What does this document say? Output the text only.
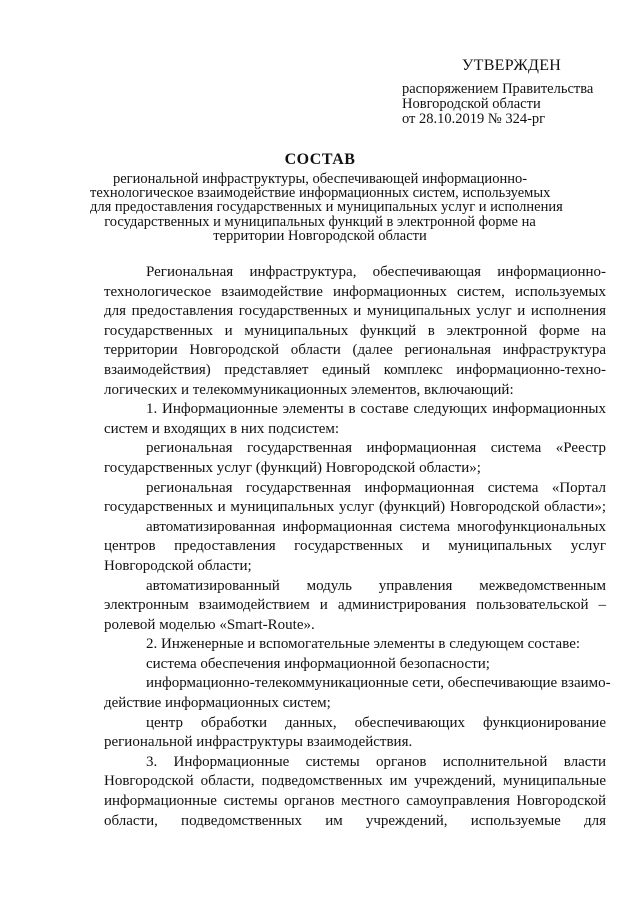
УТВЕРЖДЕН
распоряжением Правительства
Новгородской области
от 28.10.2019 № 324-рг
СОСТАВ
региональной инфраструктуры, обеспечивающей информационно-
технологическое взаимодействие информационных систем, используемых
для предоставления государственных и муниципальных услуг и исполнения
государственных и муниципальных функций в электронной форме на
территории Новгородской области
Региональная инфраструктура, обеспечивающая информационно-
технологическое взаимодействие информационных систем, используемых
для предоставления государственных и муниципальных услуг и исполнения
государственных и муниципальных функций в электронной форме на
территории Новгородской области (далее региональная инфраструктура
взаимодействия) представляет единый комплекс информационно-техно-
логических и телекоммуникационных элементов, включающий:
1. Информационные элементы в составе следующих информационных
систем и входящих в них подсистем:
региональная государственная информационная система «Реестр
государственных услуг (функций) Новгородской области»;
региональная государственная информационная система «Портал
государственных и муниципальных услуг (функций) Новгородской области»;
автоматизированная информационная система многофункциональных
центров предоставления государственных и муниципальных услуг
Новгородской области;
автоматизированный модуль управления межведомственным
электронным взаимодействием и администрирования пользовательской –
ролевой моделью «Smart-Route».
2. Инженерные и вспомогательные элементы в следующем составе:
система обеспечения информационной безопасности;
информационно-телекоммуникационные сети, обеспечивающие взаимо-
действие информационных систем;
центр обработки данных, обеспечивающих функционирование
региональной инфраструктуры взаимодействия.
3. Информационные системы органов исполнительной власти
Новгородской области, подведомственных им учреждений, муниципальные
информационные системы органов местного самоуправления Новгородской
области, подведомственных им учреждений, используемые для
